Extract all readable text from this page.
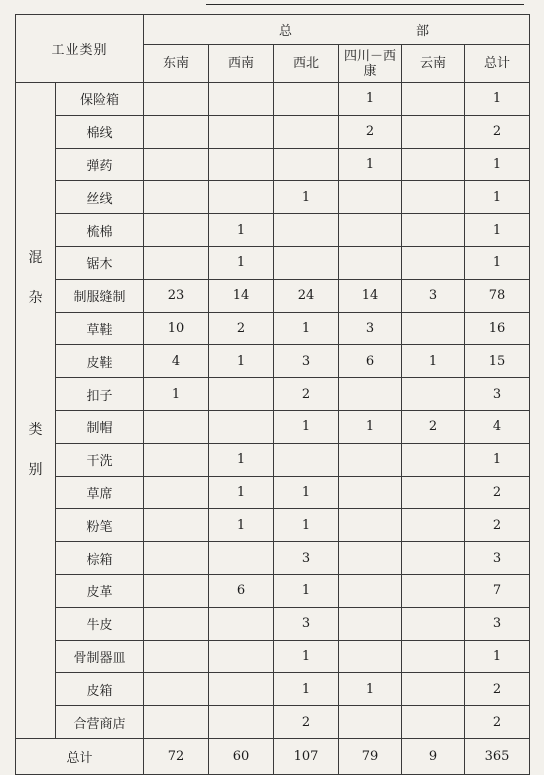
工业类别		总 部					

		东南	西南	西北	四川－西康	云南	总计

混
杂
类
别	保险箱				1		1
	棉线				2		2
	弹药				1		1
	丝线			1			1
	梳棉		1				1
	锯木		1				1
	制服缝制	23	14	24	14	3	78
	草鞋	10	2	1	3		16
	皮鞋	4	1	3	6	1	15
	扣子	1		2			3
	制帽			1	1	2	4
	干洗		1				1
	草席		1	1			2
	粉笔		1	1			2
	棕箱			3			3
	皮革		6	1			7
	牛皮			3			3
	骨制器皿			1			1
	皮箱			1	1		2
	合营商店			2			2
总计		72	60	107	79	9	365
